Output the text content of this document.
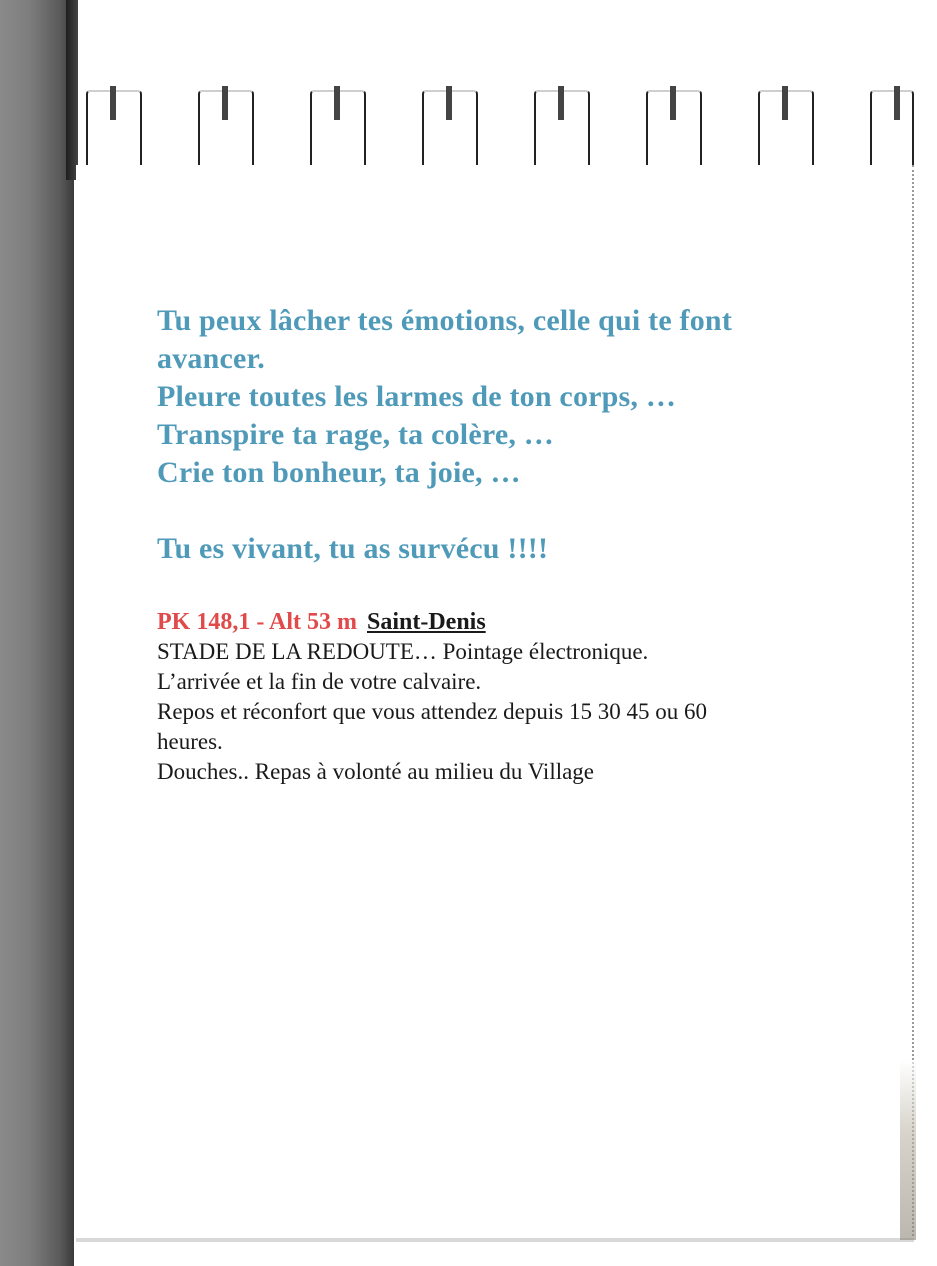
Tu peux lâcher tes émotions, celle qui te font
avancer.
Pleure toutes les larmes de ton corps, …
Transpire ta rage, ta colère, …
Crie ton bonheur, ta joie, …
Tu es vivant, tu as survécu !!!!

PK 148,1 - Alt 53 m Saint-Denis
STADE DE LA REDOUTE… Pointage électronique.
L’arrivée et la fin de votre calvaire.
Repos et réconfort que vous attendez depuis 15 30 45 ou 60
heures.
Douches.. Repas à volonté au milieu du Village
